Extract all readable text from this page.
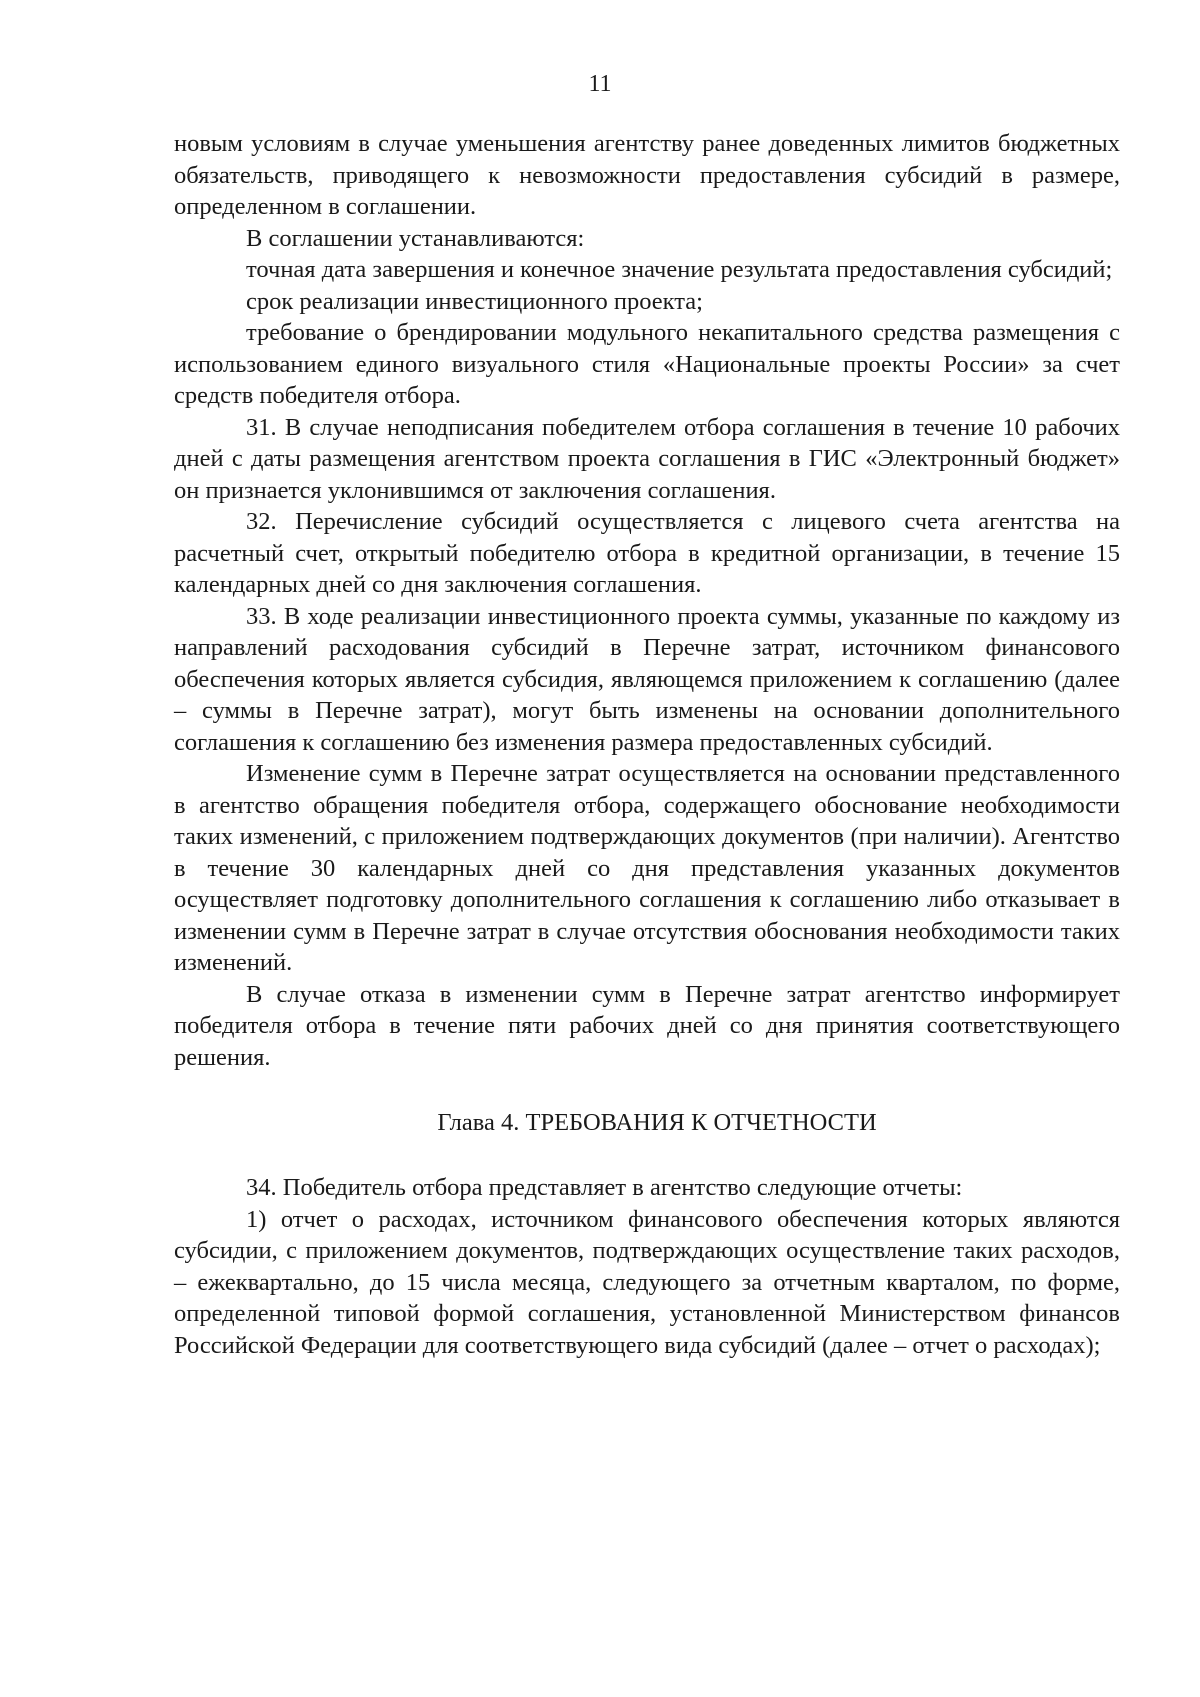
11

новым условиям в случае уменьшения агентству ранее доведенных лимитов бюджетных обязательств, приводящего к невозможности предоставления субсидий в размере, определенном в соглашении.

В соглашении устанавливаются:

точная дата завершения и конечное значение результата предоставления субсидий;

срок реализации инвестиционного проекта;

требование о брендировании модульного некапитального средства размещения с использованием единого визуального стиля «Национальные проекты России» за счет средств победителя отбора.

31. В случае неподписания победителем отбора соглашения в течение 10 рабочих дней с даты размещения агентством проекта соглашения в ГИС «Электронный бюджет» он признается уклонившимся от заключения соглашения.

32. Перечисление субсидий осуществляется с лицевого счета агентства на расчетный счет, открытый победителю отбора в кредитной организации, в течение 15 календарных дней со дня заключения соглашения.

33. В ходе реализации инвестиционного проекта суммы, указанные по каждому из направлений расходования субсидий в Перечне затрат, источником финансового обеспечения которых является субсидия, являющемся приложением к соглашению (далее – суммы в Перечне затрат), могут быть изменены на основании дополнительного соглашения к соглашению без изменения размера предоставленных субсидий.

Изменение сумм в Перечне затрат осуществляется на основании представленного в агентство обращения победителя отбора, содержащего обоснование необходимости таких изменений, с приложением подтверждающих документов (при наличии). Агентство в течение 30 календарных дней со дня представления указанных документов осуществляет подготовку дополнительного соглашения к соглашению либо отказывает в изменении сумм в Перечне затрат в случае отсутствия обоснования необходимости таких изменений.

В случае отказа в изменении сумм в Перечне затрат агентство информирует победителя отбора в течение пяти рабочих дней со дня принятия соответствующего решения.

Глава 4. ТРЕБОВАНИЯ К ОТЧЕТНОСТИ

34. Победитель отбора представляет в агентство следующие отчеты:

1) отчет о расходах, источником финансового обеспечения которых являются субсидии, с приложением документов, подтверждающих осуществление таких расходов, – ежеквартально, до 15 числа месяца, следующего за отчетным кварталом, по форме, определенной типовой формой соглашения, установленной Министерством финансов Российской Федерации для соответствующего вида субсидий (далее – отчет о расходах);
